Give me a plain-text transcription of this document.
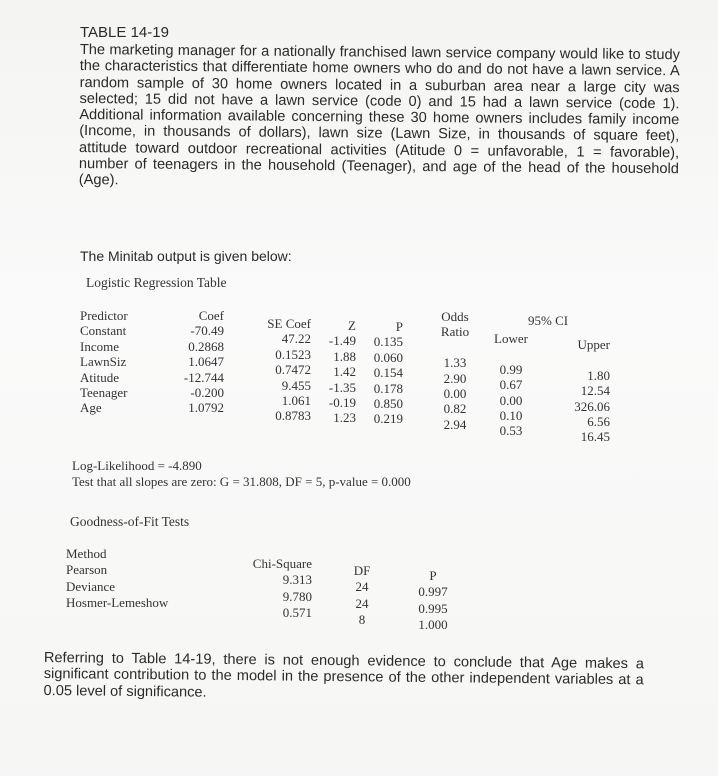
TABLE 14-19
The marketing manager for a nationally franchised lawn service company would like to study the characteristics that differentiate home owners who do and do not have a lawn service. A random sample of 30 home owners located in a suburban area near a large city was selected; 15 did not have a lawn service (code 0) and 15 had a lawn service (code 1). Additional information available concerning these 30 home owners includes family income (Income, in thousands of dollars), lawn size (Lawn Size, in thousands of square feet), attitude toward outdoor recreational activities (Atitude 0 = unfavorable, 1 = favorable), number of teenagers in the household (Teenager), and age of the head of the household (Age).
The Minitab output is given below:
Logistic Regression Table
Predictor
Constant
Income
LawnSiz
Atitude
Teenager
Age
Coef
-70.49
0.2868
1.0647
-12.744
-0.200
1.0792
SE Coef
47.22
0.1523
0.7472
9.455
1.061
0.8783
Z
-1.49
1.88
1.42
-1.35
-0.19
1.23
P
0.135
0.060
0.154
0.178
0.850
0.219
Odds
Ratio

1.33
2.90
0.00
0.82
2.94
95% CI
Lower

0.99
0.67
0.00
0.10
0.53
Upper

1.80
12.54
326.06
6.56
16.45
Log-Likelihood = -4.890
Test that all slopes are zero: G = 31.808, DF = 5, p-value = 0.000
Goodness-of-Fit Tests
Method
Pearson
Deviance
Hosmer-Lemeshow
Chi-Square
9.313
9.780
0.571
DF
24
24
8
P
0.997
0.995
1.000
Referring to Table 14-19, there is not enough evidence to conclude that Age makes a significant contribution to the model in the presence of the other independent variables at a 0.05 level of significance.
